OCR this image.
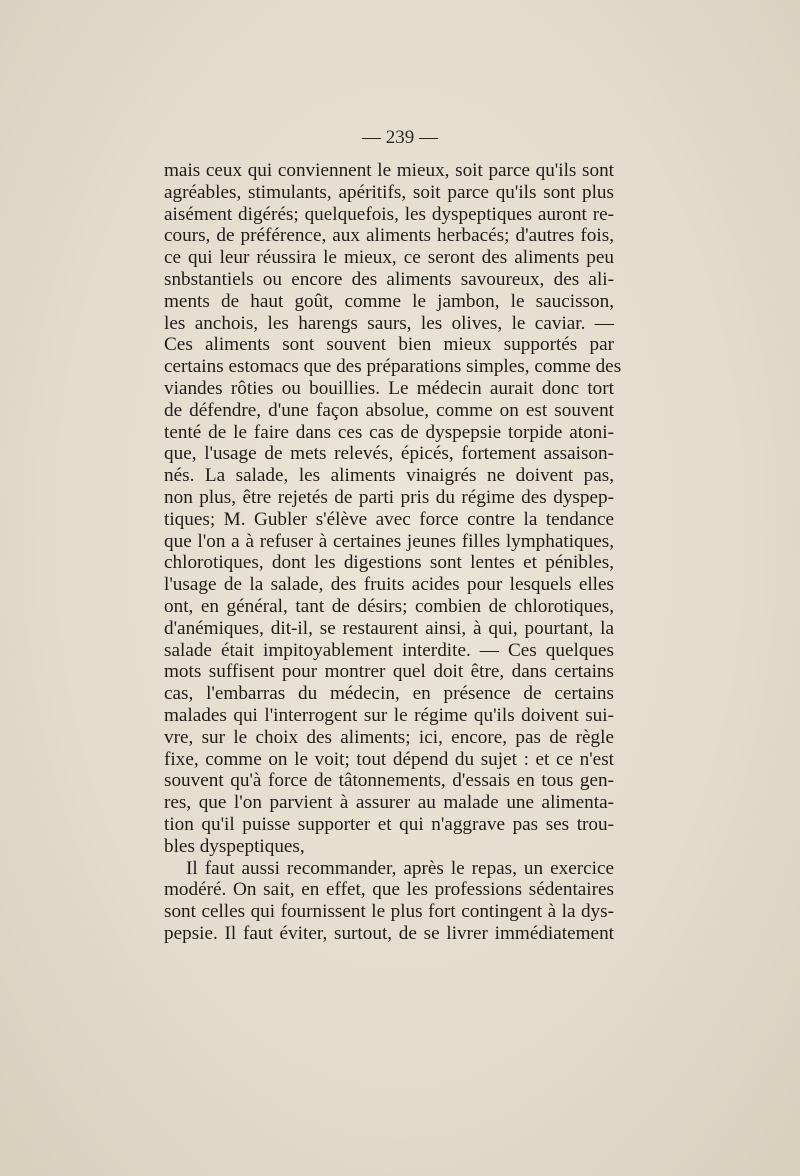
— 239 —
mais ceux qui conviennent le mieux, soit parce qu'ils sont
agréables, stimulants, apéritifs, soit parce qu'ils sont plus
aisément digérés; quelquefois, les dyspeptiques auront re-
cours, de préférence, aux aliments herbacés; d'autres fois,
ce qui leur réussira le mieux, ce seront des aliments peu
snbstantiels ou encore des aliments savoureux, des ali-
ments de haut goût, comme le jambon, le saucisson,
les anchois, les harengs saurs, les olives, le caviar. —
Ces aliments sont souvent bien mieux supportés par
certains estomacs que des préparations simples, comme des
viandes rôties ou bouillies. Le médecin aurait donc tort
de défendre, d'une façon absolue, comme on est souvent
tenté de le faire dans ces cas de dyspepsie torpide atoni-
que, l'usage de mets relevés, épicés, fortement assaison-
nés. La salade, les aliments vinaigrés ne doivent pas,
non plus, être rejetés de parti pris du régime des dyspep-
tiques; M. Gubler s'élève avec force contre la tendance
que l'on a à refuser à certaines jeunes filles lymphatiques,
chlorotiques, dont les digestions sont lentes et pénibles,
l'usage de la salade, des fruits acides pour lesquels elles
ont, en général, tant de désirs; combien de chlorotiques,
d'anémiques, dit-il, se restaurent ainsi, à qui, pourtant, la
salade était impitoyablement interdite. — Ces quelques
mots suffisent pour montrer quel doit être, dans certains
cas, l'embarras du médecin, en présence de certains
malades qui l'interrogent sur le régime qu'ils doivent sui-
vre, sur le choix des aliments; ici, encore, pas de règle
fixe, comme on le voit; tout dépend du sujet : et ce n'est
souvent qu'à force de tâtonnements, d'essais en tous gen-
res, que l'on parvient à assurer au malade une alimenta-
tion qu'il puisse supporter et qui n'aggrave pas ses trou-
bles dyspeptiques,
Il faut aussi recommander, après le repas, un exercice
modéré. On sait, en effet, que les professions sédentaires
sont celles qui fournissent le plus fort contingent à la dys-
pepsie. Il faut éviter, surtout, de se livrer immédiatement
